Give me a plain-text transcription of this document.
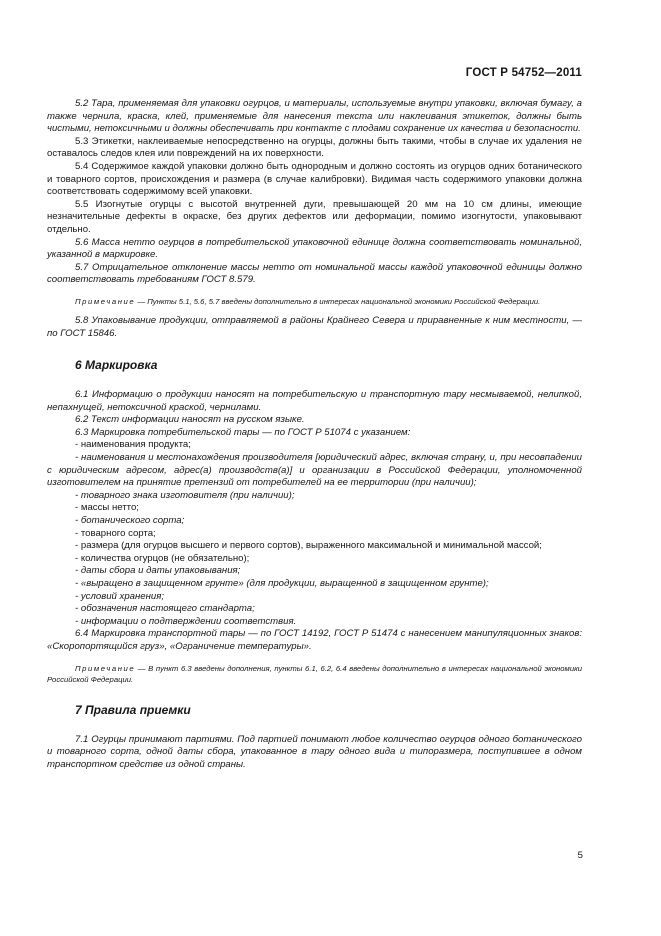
ГОСТ Р 54752—2011

5.2 Тара, применяемая для упаковки огурцов, и материалы, используемые внутри упаковки, включая бумагу, а также чернила, краска, клей, применяемые для нанесения текста или наклеивания этикеток, должны быть чистыми, нетоксичными и должны обеспечивать при контакте с плодами сохранение их качества и безопасности.

5.3 Этикетки, наклеиваемые непосредственно на огурцы, должны быть такими, чтобы в случае их удаления не оставалось следов клея или повреждений на их поверхности.

5.4 Содержимое каждой упаковки должно быть однородным и должно состоять из огурцов одних ботанического и товарного сортов, происхождения и размера (в случае калибровки). Видимая часть содержимого упаковки должна соответствовать содержимому всей упаковки.

5.5 Изогнутые огурцы с высотой внутренней дуги, превышающей 20 мм на 10 см длины, имеющие незначительные дефекты в окраске, без других дефектов или деформации, помимо изогнутости, упаковывают отдельно.

5.6 Масса нетто огурцов в потребительской упаковочной единице должна соответствовать номинальной, указанной в маркировке.

5.7 Отрицательное отклонение массы нетто от номинальной массы каждой упаковочной единицы должно соответствовать требованиям ГОСТ 8.579.

Примечание — Пункты 5.1, 5.6, 5.7 введены дополнительно в интересах национальной экономики Российской Федерации.

5.8 Упаковывание продукции, отправляемой в районы Крайнего Севера и приравненные к ним местности, — по ГОСТ 15846.

6 Маркировка

6.1 Информацию о продукции наносят на потребительскую и транспортную тару несмываемой, нелипкой, непахнущей, нетоксичной краской, чернилами.

6.2 Текст информации наносят на русском языке.

6.3 Маркировка потребительской тары — по ГОСТ Р 51074 с указанием:

- наименования продукта;

- наименования и местонахождения производителя [юридический адрес, включая страну, и, при несовпадении с юридическим адресом, адрес(а) производств(а)] и организации в Российской Федерации, уполномоченной изготовителем на принятие претензий от потребителей на ее территории (при наличии);

- товарного знака изготовителя (при наличии);

- массы нетто;

- ботанического сорта;

- товарного сорта;

- размера (для огурцов высшего и первого сортов), выраженного максимальной и минимальной массой;

- количества огурцов (не обязательно);

- даты сбора и даты упаковывания;

- «выращено в защищенном грунте» (для продукции, выращенной в защищенном грунте);

- условий хранения;

- обозначения настоящего стандарта;

- информации о подтверждении соответствия.

6.4 Маркировка транспортной тары — по ГОСТ 14192, ГОСТ Р 51474 с нанесением манипуляционных знаков: «Скоропортящийся груз», «Ограничение температуры».

Примечание — В пункт 6.3 введены дополнения, пункты 6.1, 6.2, 6.4 введены дополнительно в интересах национальной экономики Российской Федерации.

7 Правила приемки

7.1 Огурцы принимают партиями. Под партией понимают любое количество огурцов одного ботанического и товарного сорта, одной даты сбора, упакованное в тару одного вида и типоразмера, поступившее в одном транспортном средстве из одной страны.

5
